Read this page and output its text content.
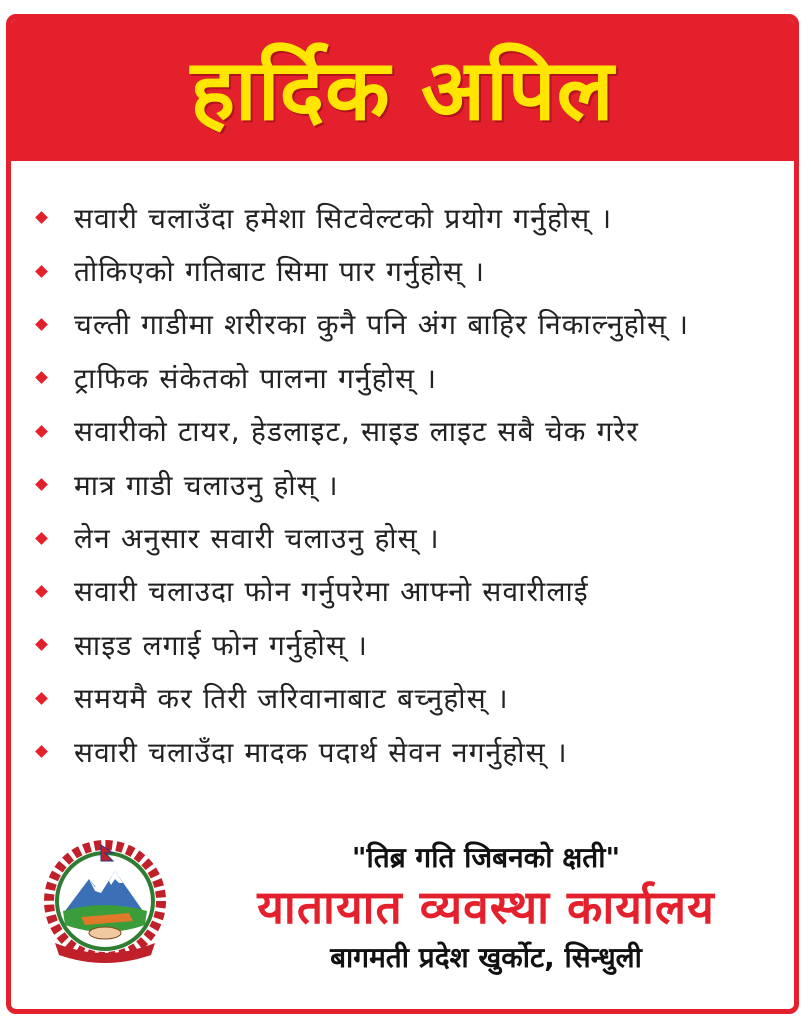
हार्दिक अपिल
सवारी चलाउँदा हमेशा सिटवेल्टको प्रयोग गर्नुहोस् ।
तोकिएको गतिबाट सिमा पार गर्नुहोस् ।
चल्ती गाडीमा शरीरका कुनै पनि अंग बाहिर निकाल्नुहोस् ।
ट्राफिक संकेतको पालना गर्नुहोस् ।
सवारीको टायर, हेडलाइट, साइड लाइट सबै चेक गरेर
मात्र गाडी चलाउनु होस् ।
लेन अनुसार सवारी चलाउनु होस् ।
सवारी चलाउदा फोन गर्नुपरेमा आफ्नो सवारीलाई
साइड लगाई फोन गर्नुहोस् ।
समयमै कर तिरी जरिवानाबाट बच्नुहोस् ।
सवारी चलाउँदा मादक पदार्थ सेवन नगर्नुहोस् ।
"तिब्र गति जिबनको क्षती"
यातायात व्यवस्था कार्यालय
बागमती प्रदेश खुर्कोट, सिन्धुली
